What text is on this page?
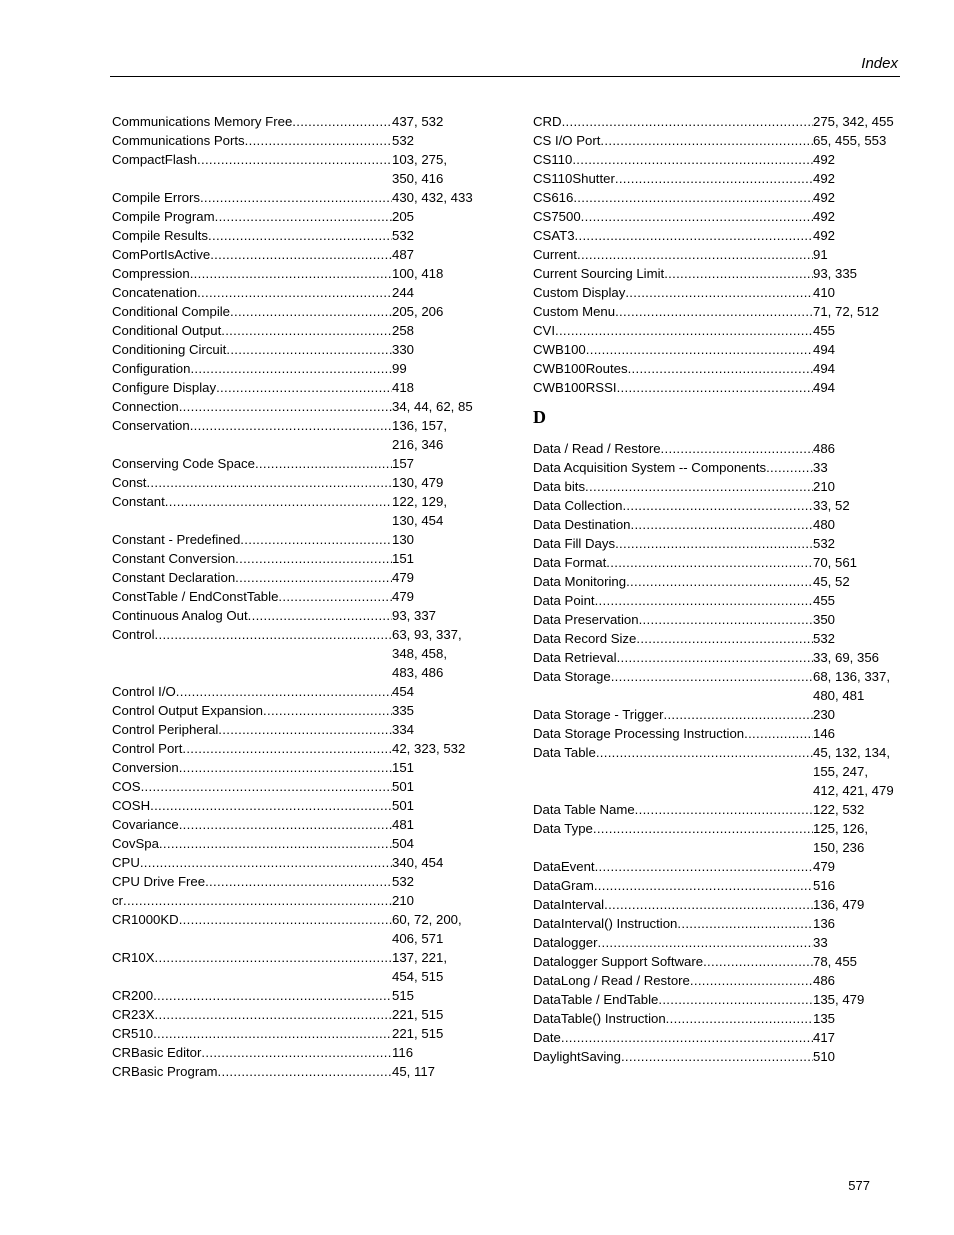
Index
Communications Memory Free .....	437, 532
Communications Ports .....	532
CompactFlash .....	103, 275, 350, 416
Compile Errors .....	430, 432, 433
Compile Program .....	205
Compile Results .....	532
ComPortIsActive .....	487
Compression .....	100, 418
Concatenation .....	244
Conditional Compile .....	205, 206
Conditional Output .....	258
Conditioning Circuit .....	330
Configuration .....	99
Configure Display .....	418
Connection .....	34, 44, 62, 85
Conservation .....	136, 157, 216, 346
Conserving Code Space .....	157
Const .....	130, 479
Constant .....	122, 129, 130, 454
Constant - Predefined .....	130
Constant Conversion .....	151
Constant Declaration .....	479
ConstTable / EndConstTable .....	479
Continuous Analog Out .....	93, 337
Control .....	63, 93, 337, 348, 458, 483, 486
Control I/O .....	454
Control Output Expansion .....	335
Control Peripheral .....	334
Control Port .....	42, 323, 532
Conversion .....	151
COS .....	501
COSH .....	501
Covariance .....	481
CovSpa .....	504
CPU .....	340, 454
CPU Drive Free .....	532
cr .....	210
CR1000KD .....	60, 72, 200, 406, 571
CR10X .....	137, 221, 454, 515
CR200 .....	515
CR23X .....	221, 515
CR510 .....	221, 515
CRBasic Editor .....	116
CRBasic Program .....	45, 117
CRD .....	275, 342, 455
CS I/O Port .....	65, 455, 553
CS110 .....	492
CS110Shutter .....	492
CS616 .....	492
CS7500 .....	492
CSAT3 .....	492
Current .....	91
Current Sourcing Limit .....	93, 335
Custom Display .....	410
Custom Menu .....	71, 72, 512
CVI .....	455
CWB100 .....	494
CWB100Routes .....	494
CWB100RSSI .....	494
D
Data / Read / Restore .....	486
Data Acquisition System -- Components .....	33
Data bits .....	210
Data Collection .....	33, 52
Data Destination .....	480
Data Fill Days .....	532
Data Format .....	70, 561
Data Monitoring .....	45, 52
Data Point .....	455
Data Preservation .....	350
Data Record Size .....	532
Data Retrieval .....	33, 69, 356
Data Storage .....	68, 136, 337, 480, 481
Data Storage - Trigger .....	230
Data Storage Processing Instruction .....	146
Data Table .....	45, 132, 134, 155, 247, 412, 421, 479
Data Table Name .....	122, 532
Data Type .....	125, 126, 150, 236
DataEvent .....	479
DataGram .....	516
DataInterval .....	136, 479
DataInterval() Instruction .....	136
Datalogger .....	33
Datalogger Support Software .....	78, 455
DataLong / Read / Restore .....	486
DataTable / EndTable .....	135, 479
DataTable() Instruction .....	135
Date .....	417
DaylightSaving .....	510
577
